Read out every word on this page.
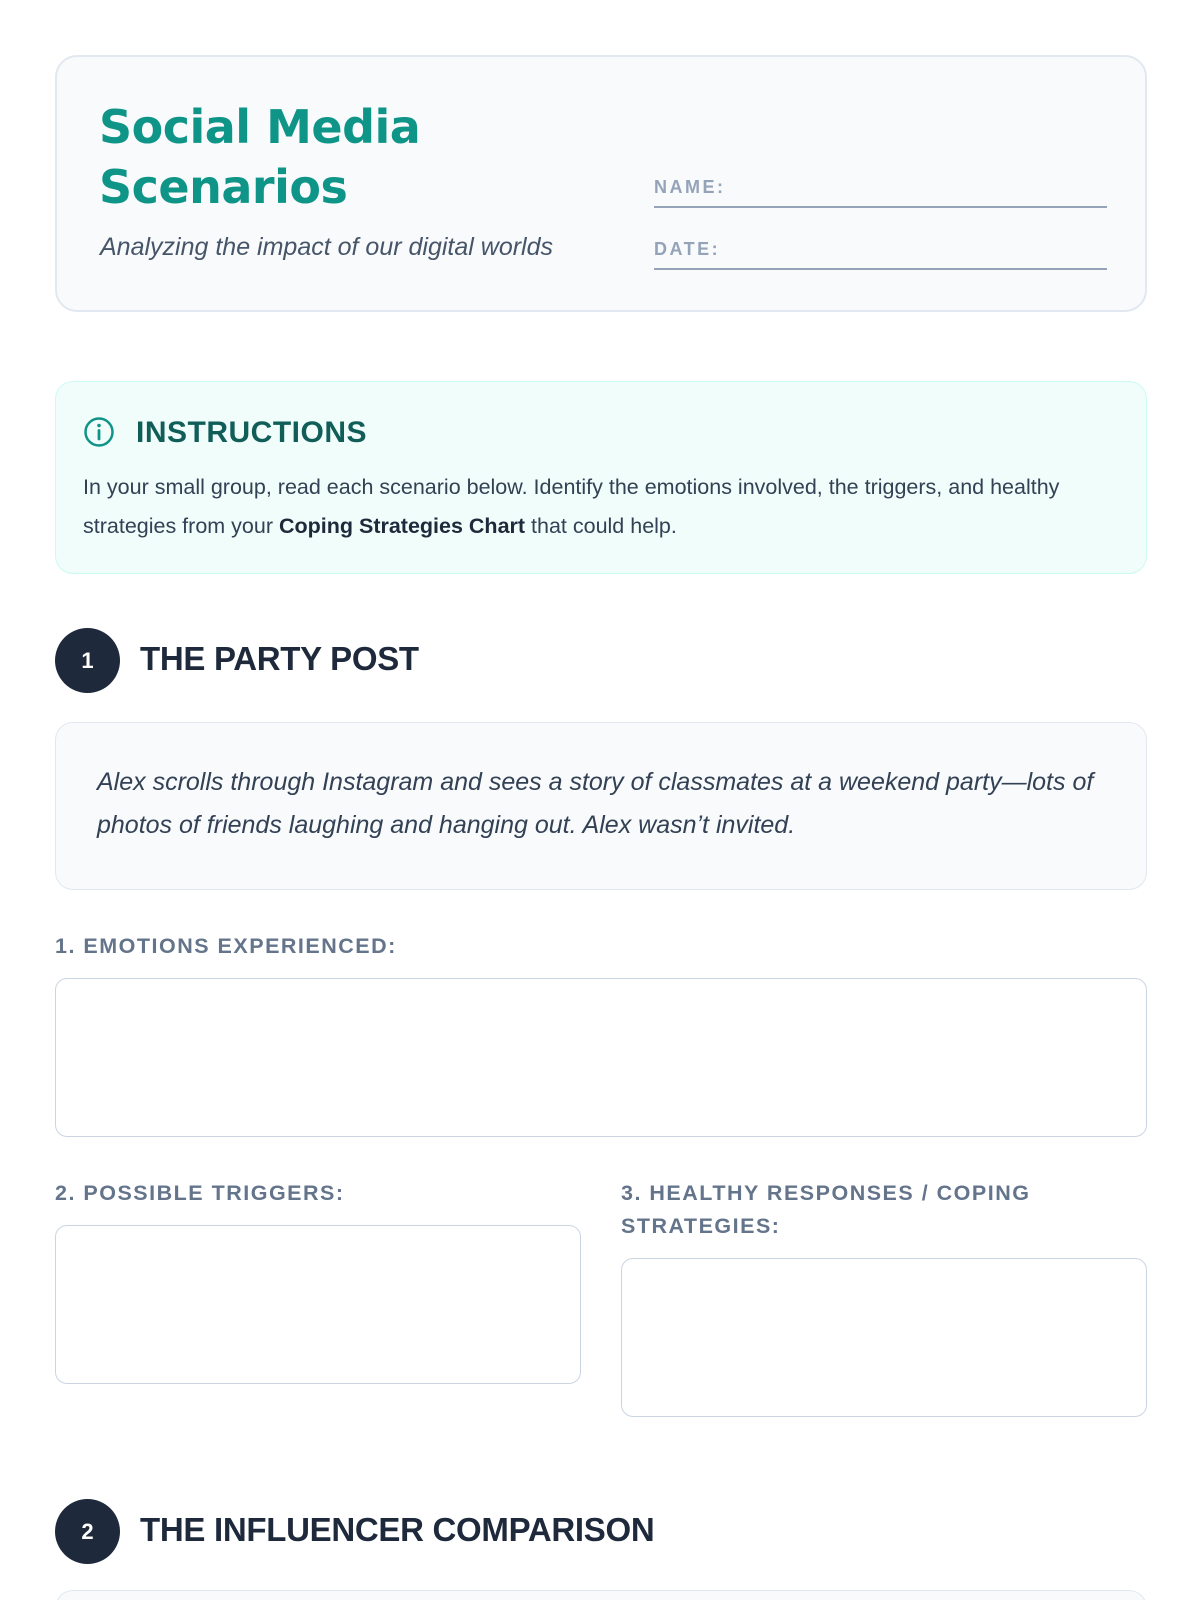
Social Media Scenarios
Analyzing the impact of our digital worlds
NAME:
DATE:
INSTRUCTIONS

In your small group, read each scenario below. Identify the emotions involved, the triggers, and healthy strategies from your Coping Strategies Chart that could help.

1	THE PARTY POST

Alex scrolls through Instagram and sees a story of classmates at a weekend party—lots of photos of friends laughing and hanging out. Alex wasn’t invited.

1. EMOTIONS EXPERIENCED:
2. POSSIBLE TRIGGERS:	3. HEALTHY RESPONSES / COPING STRATEGIES:
2	THE INFLUENCER COMPARISON
